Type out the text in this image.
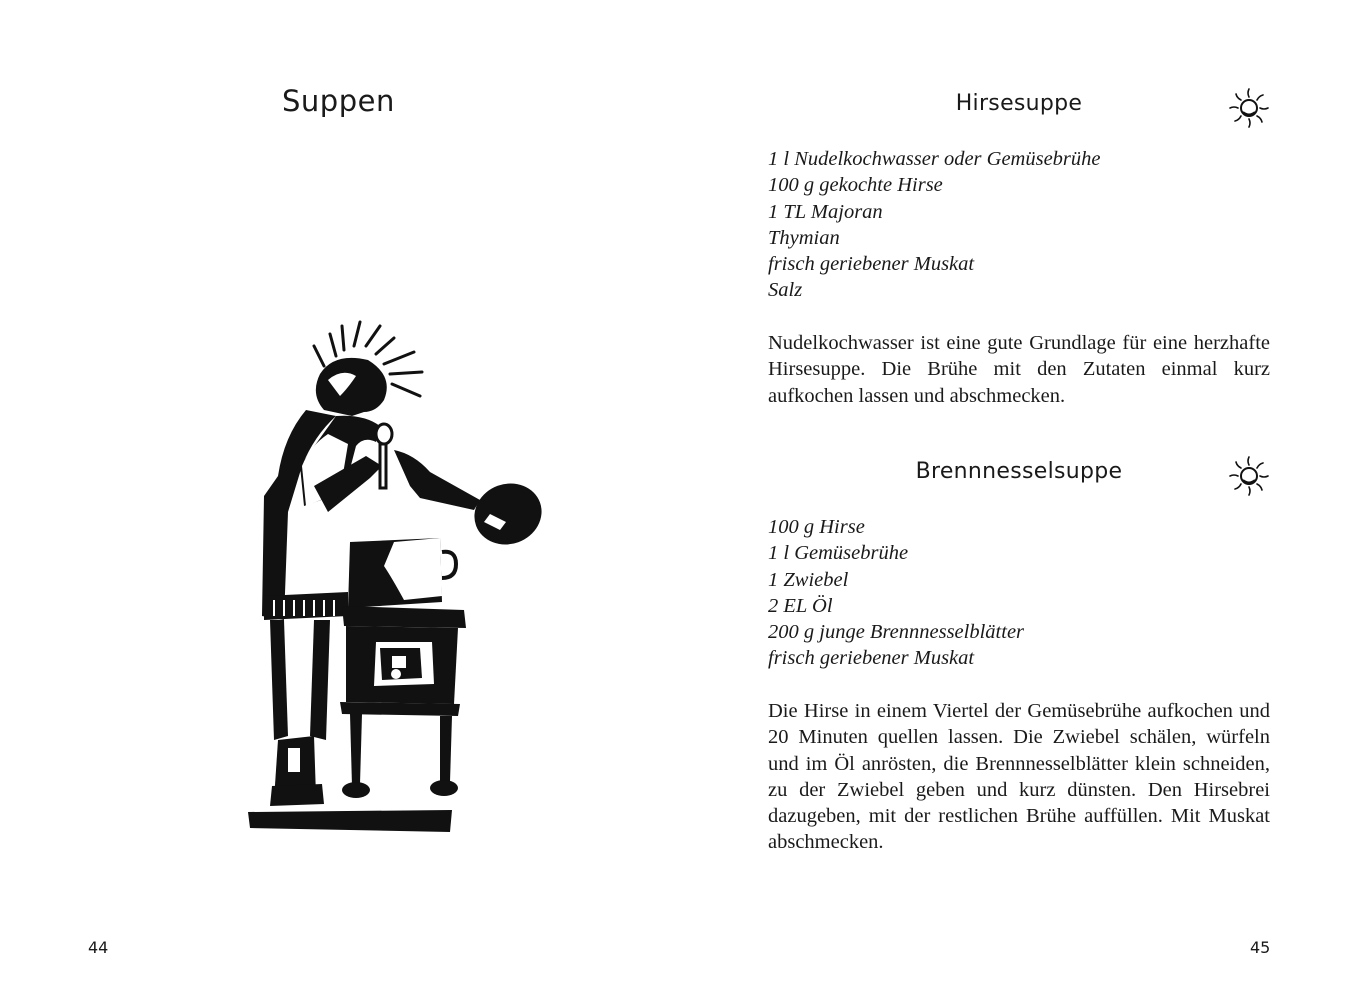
Suppen
44
Hirsesuppe
1 l Nudelkochwasser oder Gemüsebrühe
100 g gekochte Hirse
1 TL Majoran
Thymian
frisch geriebener Muskat
Salz

Nudelkochwasser ist eine gute Grundlage für eine herzhafte Hirsesuppe. Die Brühe mit den Zutaten einmal kurz aufkochen lassen und abschmecken.

Brennnesselsuppe
100 g Hirse
1 l Gemüsebrühe
1 Zwiebel
2 EL Öl
200 g junge Brennnesselblätter
frisch geriebener Muskat

Die Hirse in einem Viertel der Gemüsebrühe aufkochen und 20 Minuten quellen lassen. Die Zwiebel schälen, würfeln und im Öl anrösten, die Brennnesselblätter klein schneiden, zu der Zwiebel geben und kurz dünsten. Den Hirsebrei dazugeben, mit der restlichen Brühe auffüllen. Mit Muskat abschmecken.

45
